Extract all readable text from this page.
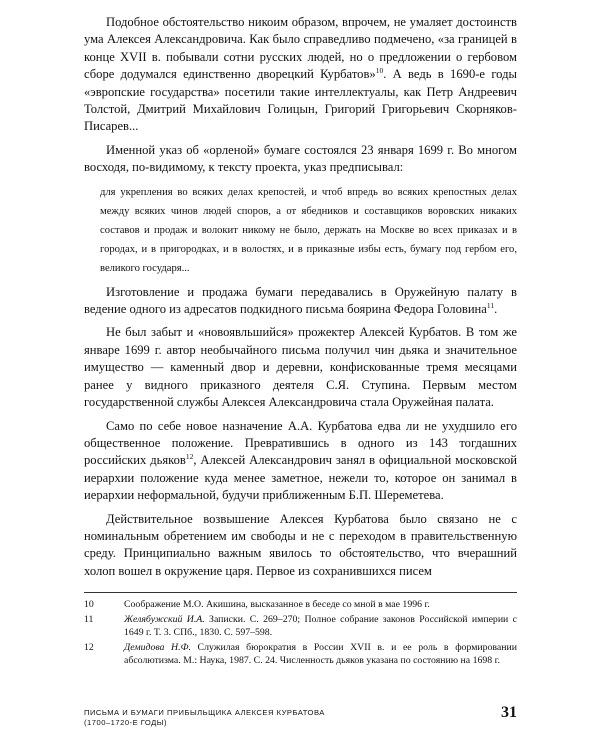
Подобное обстоятельство никоим образом, впрочем, не умаляет достоинств ума Алексея Александровича. Как было справедливо подмечено, «за границей в конце XVII в. побывали сотни русских людей, но о предложении о гербовом сборе додумался единственно дворецкий Курбатов»$^{10}$. А ведь в 1690-е годы «эвропские государства» посетили такие интеллектуалы, как Петр Андреевич Толстой, Дмитрий Михайлович Голицын, Григорий Григорьевич Скорняков-Писарев...

Именной указ об «орленой» бумаге состоялся 23 января 1699 г. Во многом восходя, по-видимому, к тексту проекта, указ предписывал:

для укрепления во всяких делах крепостей, и чтоб впредь во всяких крепостных делах между всяких чинов людей споров, а от ябедников и составщиков воровских никаких составов и продаж и волокит никому не было, держать на Москве во всех приказах и в городах, и в пригородках, и в волостях, и в приказные избы есть, бумагу под гербом его, великого государя...

Изготовление и продажа бумаги передавались в Оружейную палату в ведение одного из адресатов подкидного письма боярина Федора Головина$^{11}$.

Не был забыт и «новоявльшийся» прожектер Алексей Курбатов. В том же январе 1699 г. автор необычайного письма получил чин дьяка и значительное имущество — каменный двор и деревни, конфискованные тремя месяцами ранее у видного приказного деятеля С.Я. Ступина. Первым местом государственной службы Алексея Александровича стала Оружейная палата.

Само по себе новое назначение А.А. Курбатова едва ли не ухудшило его общественное положение. Превратившись в одного из 143 тогдашних российских дьяков$^{12}$, Алексей Александрович занял в официальной московской иерархии положение куда менее заметное, нежели то, которое он занимал в иерархии неформальной, будучи приближенным Б.П. Шереметева.

Действительное возвышение Алексея Курбатова было связано не с номинальным обретением им свободы и не с переходом в правительственную среду. Принципиально важным явилось то обстоятельство, что вчерашний холоп вошел в окружение царя. Первое из сохранившихся писем

10	Соображение М.О. Акишина, высказанное в беседе со мной в мае 1996 г.
11	Желябужский И.А. Записки. С. 269–270; Полное собрание законов Российской империи с 1649 г. Т. 3. СПб., 1830. С. 597–598.
12	Демидова Н.Ф. Служилая бюрократия в России XVII в. и ее роль в формировании абсолютизма. М.: Наука, 1987. С. 24. Численность дьяков указана по состоянию на 1698 г.
ПИСЬМА И БУМАГИ ПРИБЫЛЬЩИКА АЛЕКСЕЯ КУРБАТОВА
(1700–1720-Е ГОДЫ)
31
